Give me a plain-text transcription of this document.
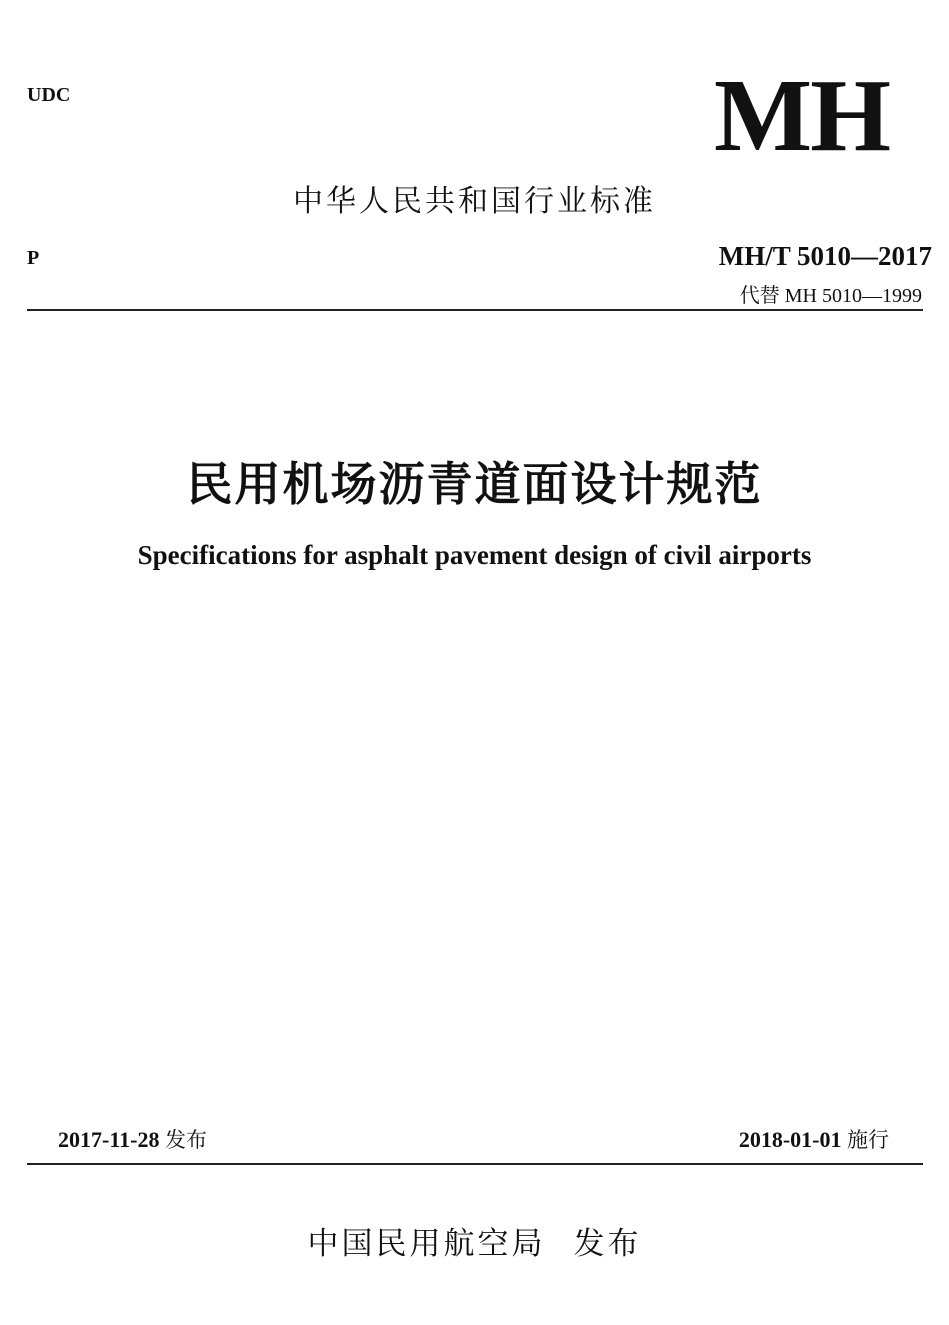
UDC	MH
中华人民共和国行业标准
P	MH/T 5010—2017
代替 MH 5010—1999
民用机场沥青道面设计规范
Specifications for asphalt pavement design of civil airports
2017-11-28 发布	2018-01-01 施行
中国民用航空局 发布
